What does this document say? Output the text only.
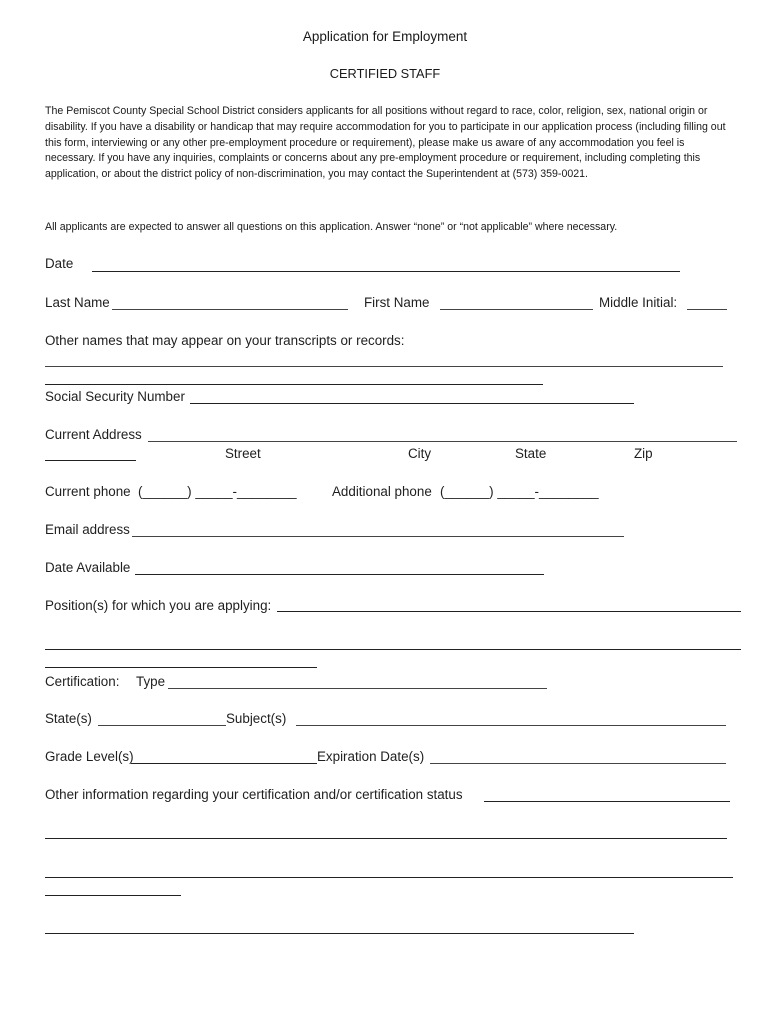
Application for Employment
CERTIFIED STAFF
The Pemiscot County Special School District considers applicants for all positions without regard to race, color, religion, sex, national origin or disability. If you have a disability or handicap that may require accommodation for you to participate in our application process (including filling out this form, interviewing or any other pre-employment procedure or requirement), please make us aware of any accommodation you feel is necessary. If you have any inquiries, complaints or concerns about any pre-employment procedure or requirement, including completing this application, or about the district policy of non-discrimination, you may contact the Superintendent at (573) 359-0021.
All applicants are expected to answer all questions on this application. Answer “none” or “not applicable” where necessary.
Date
Last Name	First Name	Middle Initial:
Other names that may appear on your transcripts or records:
Social Security Number
Current Address
Street	City	State	Zip
Current phone (______) _____-________	Additional phone (______) _____-________
Email address
Date Available
Position(s) for which you are applying:
Certification: Type
State(s)	Subject(s)
Grade Level(s)	Expiration Date(s)
Other information regarding your certification and/or certification status
